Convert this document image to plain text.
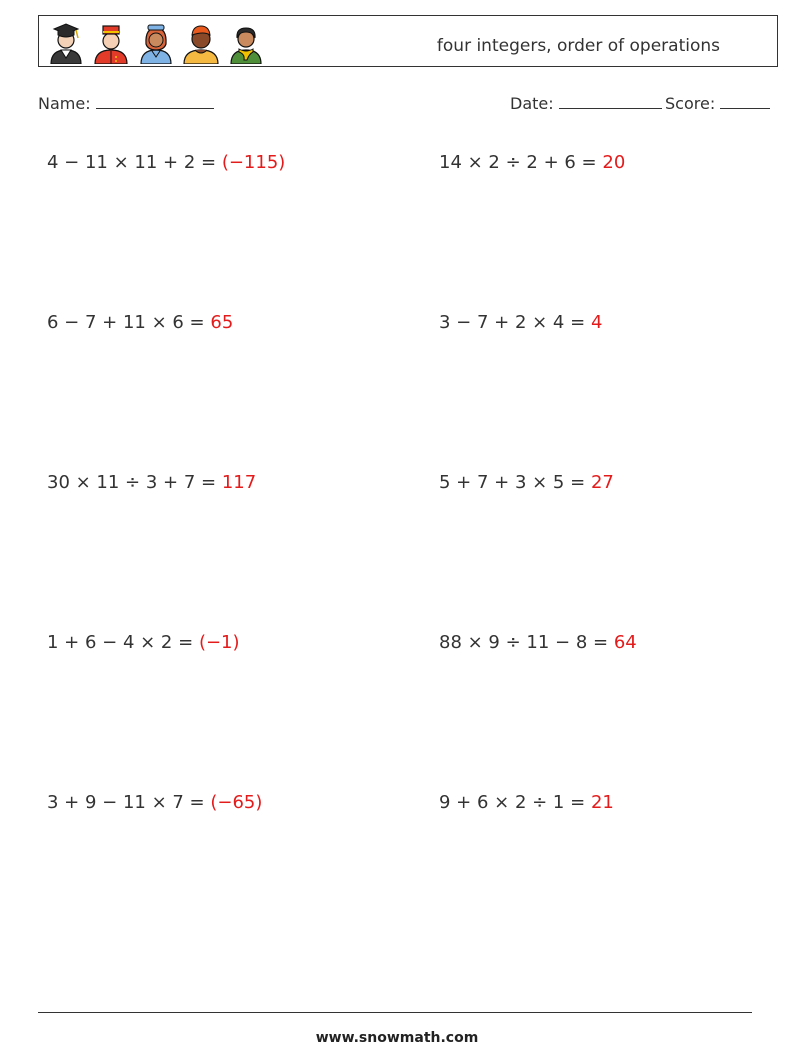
four integers, order of operations
Name:	Date:	Score:
4 − 11 × 11 + 2 = (−115)	14 × 2 ÷ 2 + 6 = 20
6 − 7 + 11 × 6 = 65	3 − 7 + 2 × 4 = 4
30 × 11 ÷ 3 + 7 = 117	5 + 7 + 3 × 5 = 27
1 + 6 − 4 × 2 = (−1)	88 × 9 ÷ 11 − 8 = 64
3 + 9 − 11 × 7 = (−65)	9 + 6 × 2 ÷ 1 = 21
www.snowmath.com
